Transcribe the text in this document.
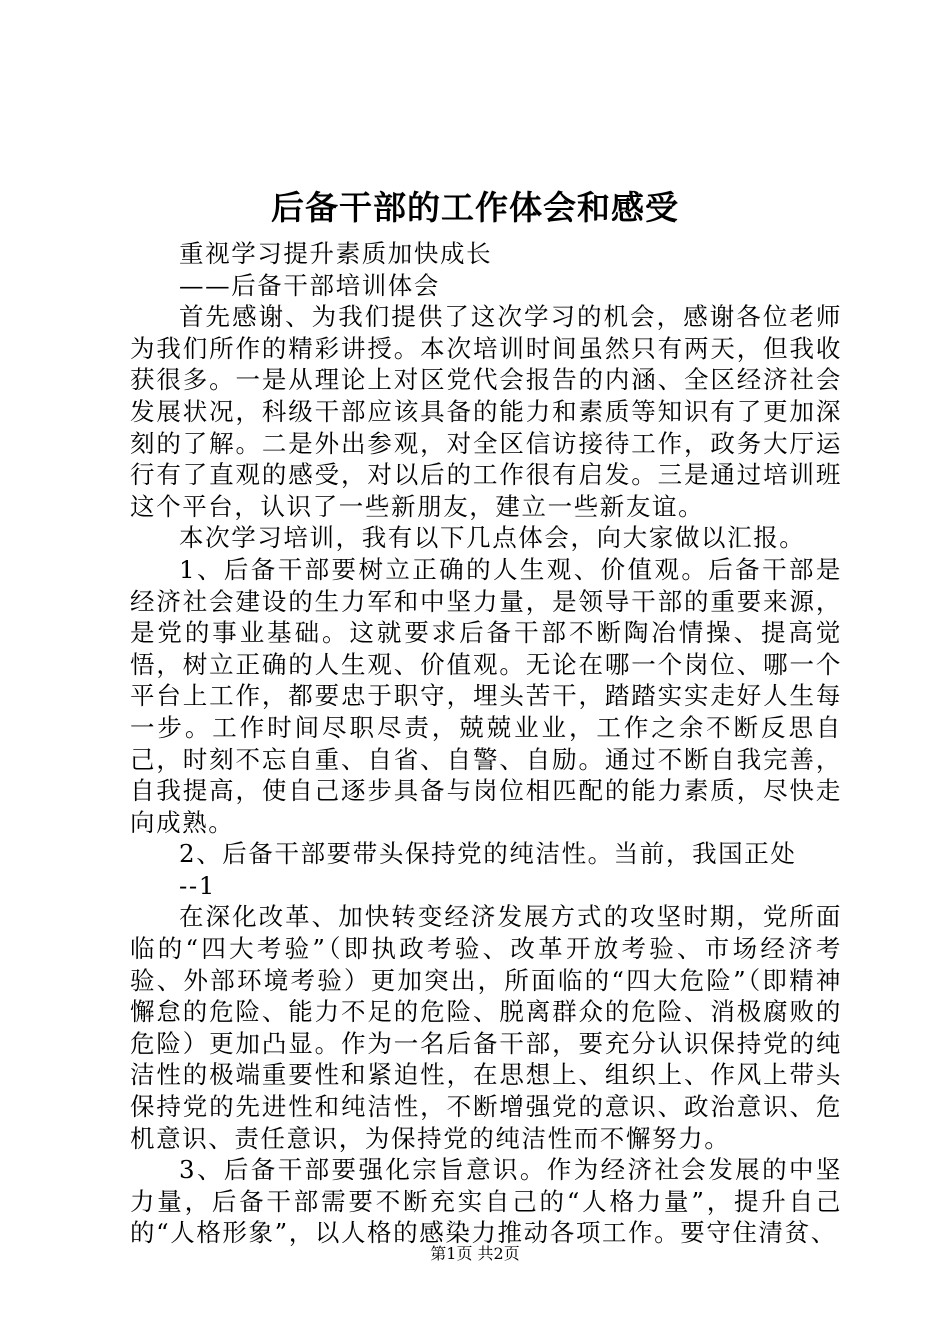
后备干部的工作体会和感受

重视学习提升素质加快成长

——后备干部培训体会

首先感谢、为我们提供了这次学习的机会，感谢各位老师为我们所作的精彩讲授。本次培训时间虽然只有两天，但我收获很多。一是从理论上对区党代会报告的内涵、全区经济社会发展状况，科级干部应该具备的能力和素质等知识有了更加深刻的了解。二是外出参观，对全区信访接待工作，政务大厅运行有了直观的感受，对以后的工作很有启发。三是通过培训班这个平台，认识了一些新朋友，建立一些新友谊。

本次学习培训，我有以下几点体会，向大家做以汇报。

1、后备干部要树立正确的人生观、价值观。后备干部是经济社会建设的生力军和中坚力量，是领导干部的重要来源，是党的事业基础。这就要求后备干部不断陶冶情操、提高觉悟，树立正确的人生观、价值观。无论在哪一个岗位、哪一个平台上工作，都要忠于职守，埋头苦干，踏踏实实走好人生每一步。工作时间尽职尽责，兢兢业业，工作之余不断反思自己，时刻不忘自重、自省、自警、自励。通过不断自我完善，自我提高，使自己逐步具备与岗位相匹配的能力素质，尽快走向成熟。

2、后备干部要带头保持党的纯洁性。当前，我国正处

--1

在深化改革、加快转变经济发展方式的攻坚时期，党所面临的“四大考验”（即执政考验、改革开放考验、市场经济考验、外部环境考验）更加突出，所面临的“四大危险”（即精神懈怠的危险、能力不足的危险、脱离群众的危险、消极腐败的危险）更加凸显。作为一名后备干部，要充分认识保持党的纯洁性的极端重要性和紧迫性，在思想上、组织上、作风上带头保持党的先进性和纯洁性，不断增强党的意识、政治意识、危机意识、责任意识，为保持党的纯洁性而不懈努力。

3、后备干部要强化宗旨意识。作为经济社会发展的中坚力量，后备干部需要不断充实自己的“人格力量”，提升自己的“人格形象”，以人格的感染力推动各项工作。要守住清贫、

第1页 共2页
